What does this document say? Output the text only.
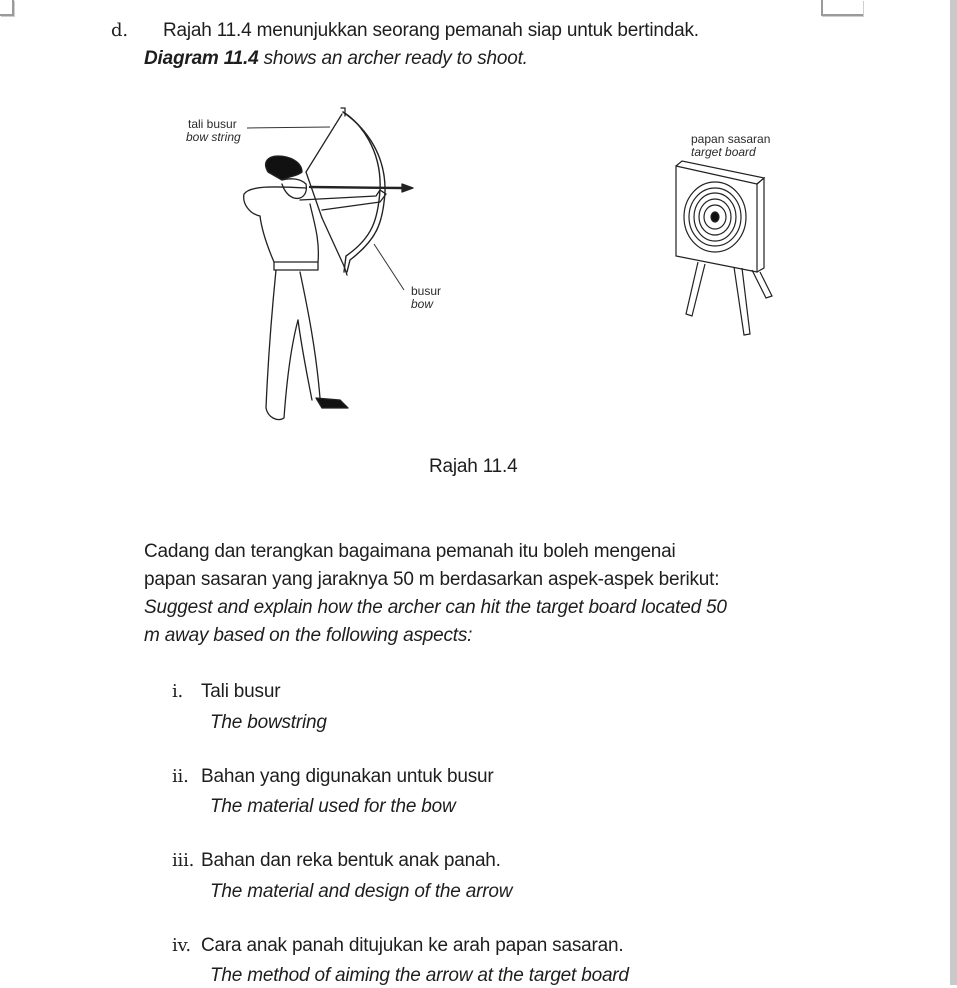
d. Rajah 11.4 menunjukkan seorang pemanah siap untuk bertindak.
Diagram 11.4 shows an archer ready to shoot.
tali busur
bow string
busur
bow
papan sasaran
target board
Rajah 11.4
Cadang dan terangkan bagaimana pemanah itu boleh mengenai
papan sasaran yang jaraknya 50 m berdasarkan aspek-aspek berikut:
Suggest and explain how the archer can hit the target board located 50
m away based on the following aspects:
i. Tali busur
The bowstring
ii. Bahan yang digunakan untuk busur
The material used for the bow
iii. Bahan dan reka bentuk anak panah.
The material and design of the arrow
iv. Cara anak panah ditujukan ke arah papan sasaran.
The method of aiming the arrow at the target board
